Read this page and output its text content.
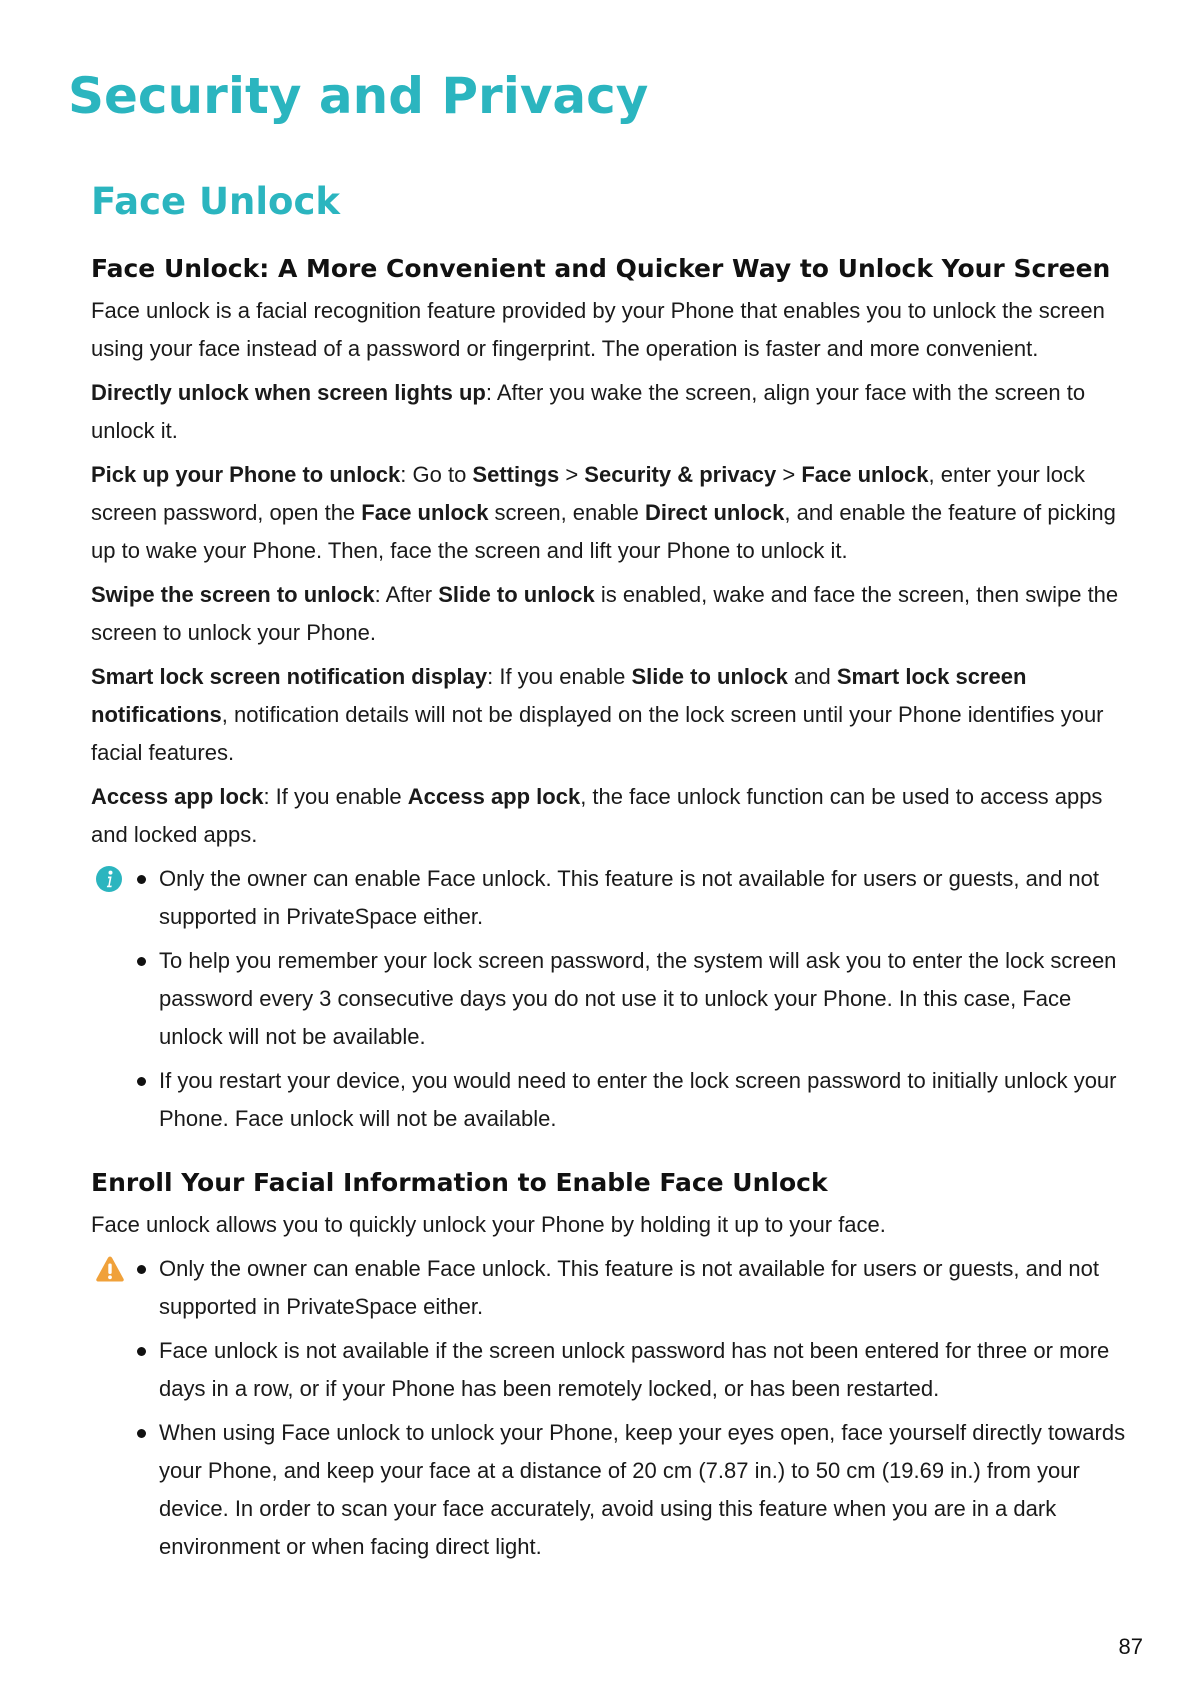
Security and Privacy
Face Unlock
Face Unlock: A More Convenient and Quicker Way to Unlock Your Screen

Face unlock is a facial recognition feature provided by your Phone that enables you to unlock the screen using your face instead of a password or fingerprint. The operation is faster and more convenient.

Directly unlock when screen lights up: After you wake the screen, align your face with the screen to unlock it.

Pick up your Phone to unlock: Go to Settings > Security & privacy > Face unlock, enter your lock screen password, open the Face unlock screen, enable Direct unlock, and enable the feature of picking up to wake your Phone. Then, face the screen and lift your Phone to unlock it.

Swipe the screen to unlock: After Slide to unlock is enabled, wake and face the screen, then swipe the screen to unlock your Phone.

Smart lock screen notification display: If you enable Slide to unlock and Smart lock screen notifications, notification details will not be displayed on the lock screen until your Phone identifies your facial features.

Access app lock: If you enable Access app lock, the face unlock function can be used to access apps and locked apps.

Only the owner can enable Face unlock. This feature is not available for users or guests, and not supported in PrivateSpace either.
To help you remember your lock screen password, the system will ask you to enter the lock screen password every 3 consecutive days you do not use it to unlock your Phone. In this case, Face unlock will not be available.
If you restart your device, you would need to enter the lock screen password to initially unlock your Phone. Face unlock will not be available.
Enroll Your Facial Information to Enable Face Unlock

Face unlock allows you to quickly unlock your Phone by holding it up to your face.

Only the owner can enable Face unlock. This feature is not available for users or guests, and not supported in PrivateSpace either.
Face unlock is not available if the screen unlock password has not been entered for three or more days in a row, or if your Phone has been remotely locked, or has been restarted.
When using Face unlock to unlock your Phone, keep your eyes open, face yourself directly towards your Phone, and keep your face at a distance of 20 cm (7.87 in.) to 50 cm (19.69 in.) from your device. In order to scan your face accurately, avoid using this feature when you are in a dark environment or when facing direct light.
87
